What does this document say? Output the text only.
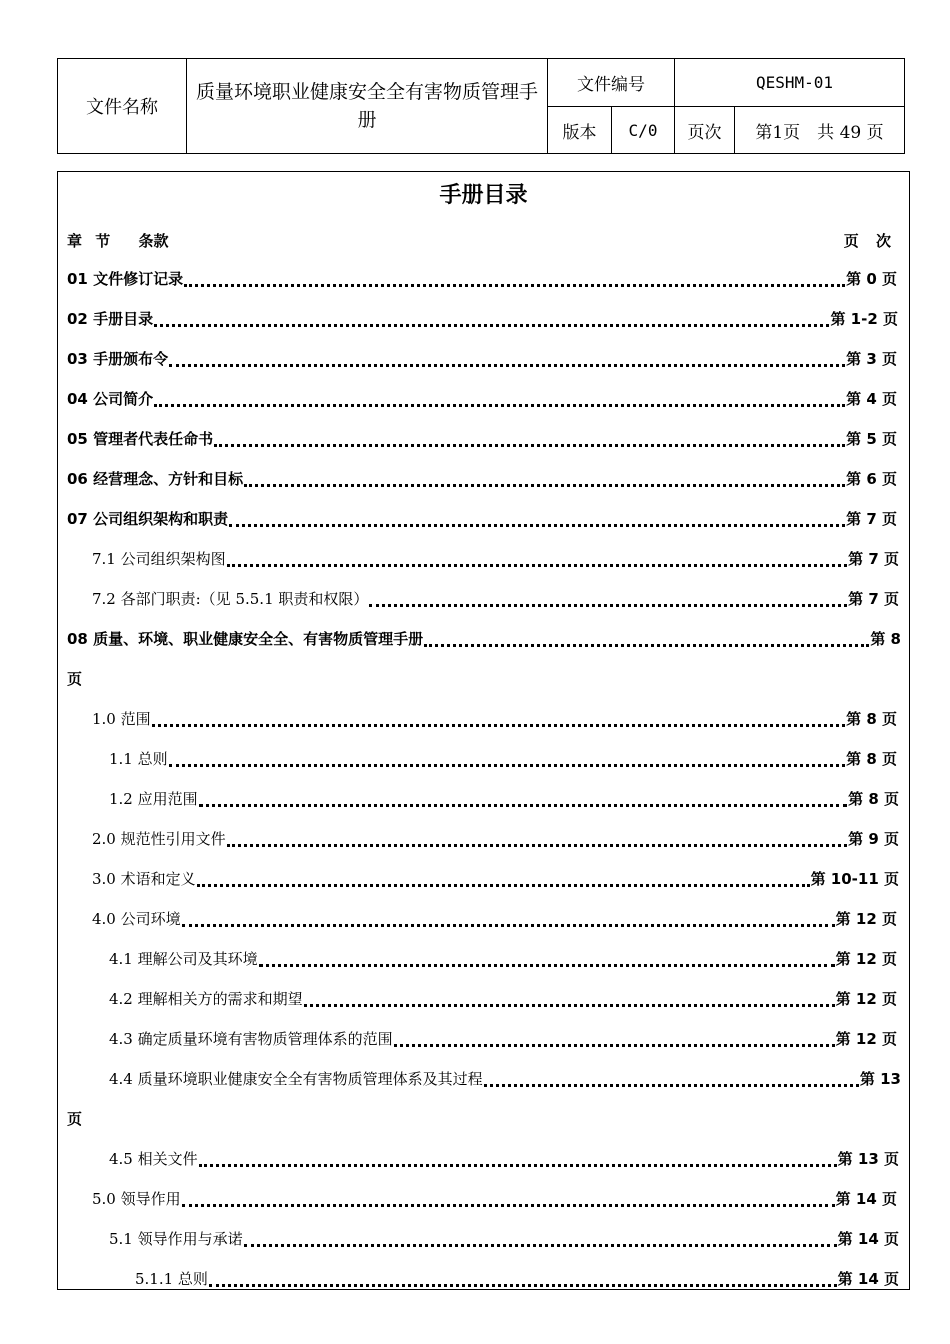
文件名称
质量环境职业健康安全全有害物质管理手册
文件编号	QESHM-01
版本	C/0	页次	第1页　共 49 页
手册目录
章 节　 条款	页 次
01 文件修订记录	第 0 页
02 手册目录	第 1-2 页
03 手册颁布令	第 3 页
04 公司简介	第 4 页
05 管理者代表任命书	第 5 页
06 经营理念、方针和目标	第 6 页
07 公司组织架构和职责	第 7 页
7.1 公司组织架构图	第 7 页
7.2 各部门职责:（见 5.5.1 职责和权限）	第 7 页
08 质量、环境、职业健康安全全、有害物质管理手册	第 8
页
1.0 范围	第 8 页
1.1 总则	第 8 页
1.2 应用范围	第 8 页
2.0 规范性引用文件	第 9 页
3.0 术语和定义	第 10-11 页
4.0 公司环境	第 12 页
4.1 理解公司及其环境	第 12 页
4.2 理解相关方的需求和期望	第 12 页
4.3 确定质量环境有害物质管理体系的范围	第 12 页
4.4 质量环境职业健康安全全有害物质管理体系及其过程	第 13
页
4.5 相关文件	第 13 页
5.0 领导作用	第 14 页
5.1 领导作用与承诺	第 14 页
5.1.1 总则	第 14 页
